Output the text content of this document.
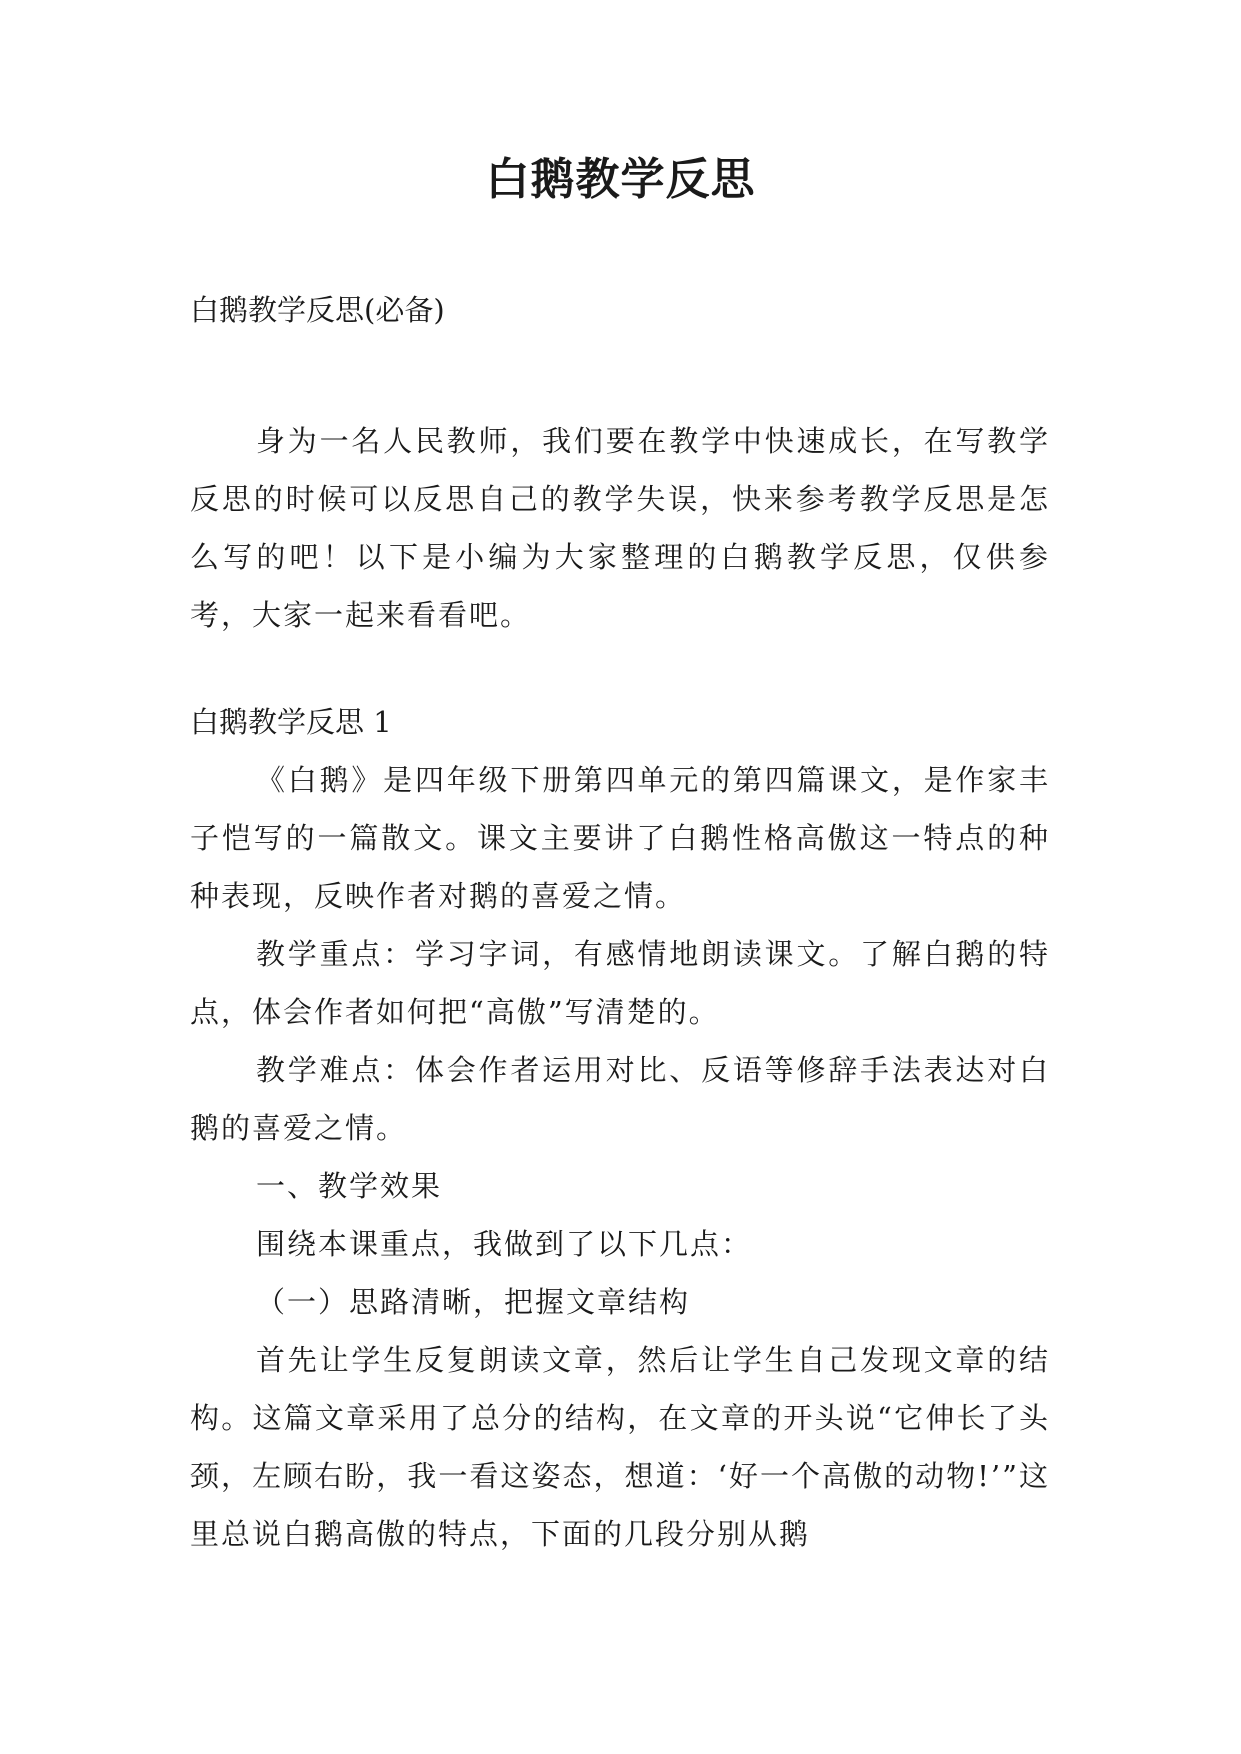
白鹅教学反思
白鹅教学反思(必备)

身为一名人民教师，我们要在教学中快速成长，在写教学反思的时候可以反思自己的教学失误，快来参考教学反思是怎么写的吧！以下是小编为大家整理的白鹅教学反思，仅供参考，大家一起来看看吧。

白鹅教学反思 1

《白鹅》是四年级下册第四单元的第四篇课文，是作家丰子恺写的一篇散文。课文主要讲了白鹅性格高傲这一特点的种种表现，反映作者对鹅的喜爱之情。

教学重点：学习字词，有感情地朗读课文。了解白鹅的特点，体会作者如何把“高傲”写清楚的。

教学难点：体会作者运用对比、反语等修辞手法表达对白鹅的喜爱之情。

一、教学效果

围绕本课重点，我做到了以下几点：

（一）思路清晰，把握文章结构

首先让学生反复朗读文章，然后让学生自己发现文章的结构。这篇文章采用了总分的结构，在文章的开头说“它伸长了头颈，左顾右盼，我一看这姿态，想道：‘好一个高傲的动物!’”这里总说白鹅高傲的特点，下面的几段分别从鹅
